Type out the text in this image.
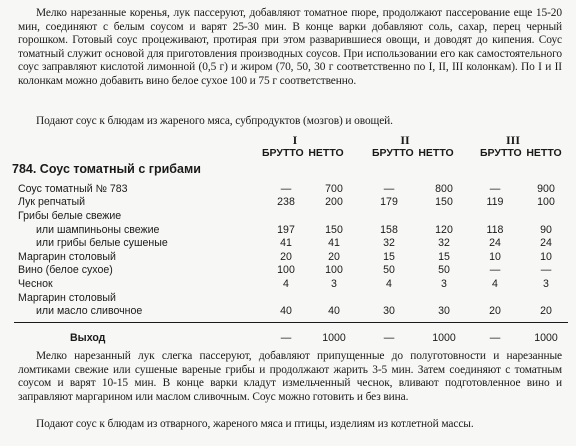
Мелко нарезанные коренья, лук пассеруют, добавляют томатное пюре, продолжают пассерование еще 15-20 мин, соединяют с белым соусом и варят 25-30 мин. В конце варки добавляют соль, сахар, перец черный горошком. Готовый соус процеживают, протирая при этом разварившиеся овощи, и доводят до кипения. Соус томатный служит основой для приготовления производных соусов. При использовании его как самостоятельного соус заправляют кислотой лимонной (0,5 г) и жиром (70, 50, 30 г соответственно по I, II, III колонкам). По I и II колонкам можно добавить вино белое сухое 100 и 75 г соответственно.

Подают соус к блюдам из жареного мяса, субпродуктов (мозгов) и овощей.

I	II	III
БРУТТО НЕТТО	БРУТТО НЕТТО	БРУТТО НЕТТО
784. Соус томатный с грибами
Соус томатный № 783	—	700	—	800	—	900
Лук репчатый	238	200	179	150	119	100
Грибы белые свежие						
или шампиньоны свежие	197	150	158	120	118	90
или грибы белые сушеные	41	41	32	32	24	24
Маргарин столовый	20	20	15	15	10	10
Вино (белое сухое)	100	100	50	50	—	—
Чеснок	4	3	4	3	4	3
Маргарин столовый						
или масло сливочное	40	40	30	30	20	20
Выход	—	1000	—	1000	—	1000

Мелко нарезанный лук слегка пассеруют, добавляют припущенные до полуготовности и нарезанные ломтиками свежие или сушеные вареные грибы и продолжают жарить 3-5 мин. Затем соединяют с томатным соусом и варят 10-15 мин. В конце варки кладут измельченный чеснок, вливают подготовленное вино и заправляют маргарином или маслом сливочным. Соус можно готовить и без вина.

Подают соус к блюдам из отварного, жареного мяса и птицы, изделиям из котлетной массы.
